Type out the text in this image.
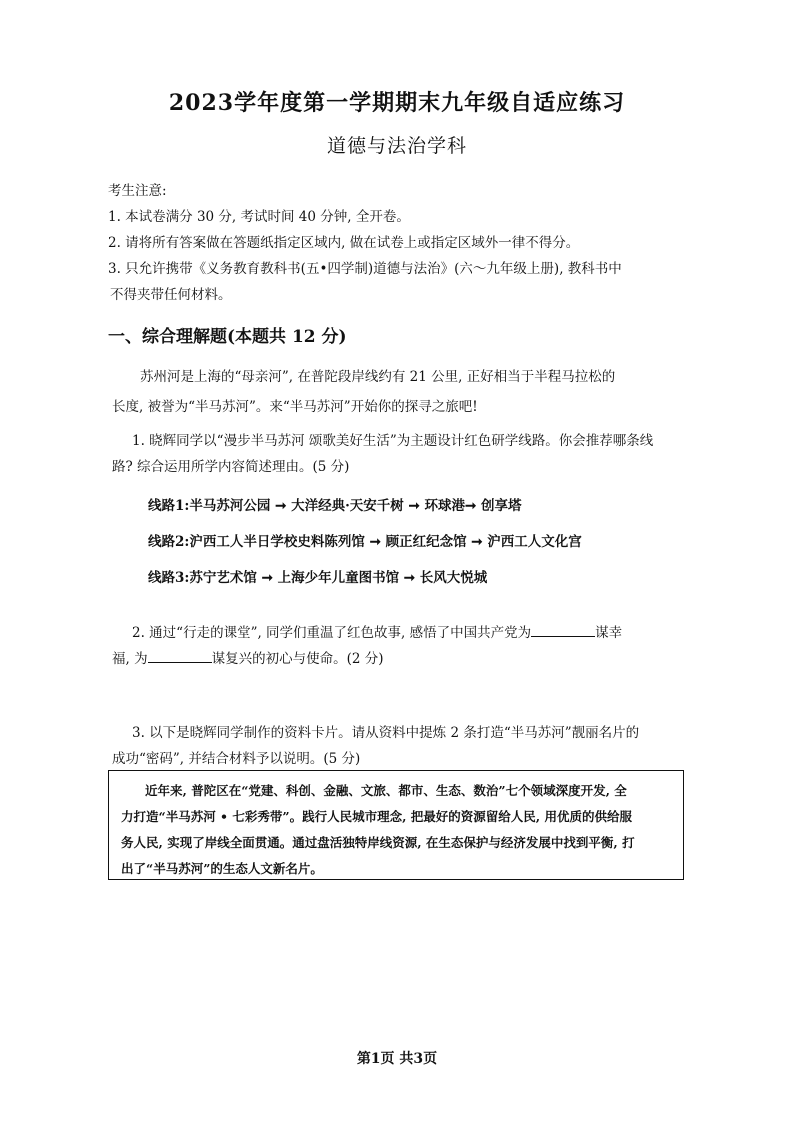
2023学年度第一学期期末九年级自适应练习
道德与法治学科
考生注意:
1. 本试卷满分 30 分, 考试时间 40 分钟, 全开卷。
2. 请将所有答案做在答题纸指定区域内, 做在试卷上或指定区域外一律不得分。
3. 只允许携带《义务教育教科书(五•四学制)道德与法治》(六～九年级上册), 教科书中
不得夹带任何材料。
一、综合理解题(本题共 12 分)
苏州河是上海的“母亲河”, 在普陀段岸线约有 21 公里, 正好相当于半程马拉松的
长度, 被誉为“半马苏河”。来“半马苏河”开始你的探寻之旅吧!
1. 晓辉同学以“漫步半马苏河 颂歌美好生活”为主题设计红色研学线路。你会推荐哪条线
路? 综合运用所学内容简述理由。(5 分)
线路1:半马苏河公园 ➞ 大洋经典·天安千树 ➞ 环球港➞ 创享塔
线路2:沪西工人半日学校史料陈列馆 ➞ 顾正红纪念馆 ➞ 沪西工人文化宫
线路3:苏宁艺术馆 ➞ 上海少年儿童图书馆 ➞ 长风大悦城
2. 通过“行走的课堂”, 同学们重温了红色故事, 感悟了中国共产党为	谋幸
福, 为	谋复兴的初心与使命。(2 分)
3. 以下是晓辉同学制作的资料卡片。请从资料中提炼 2 条打造“半马苏河”靓丽名片的
成功“密码”, 并结合材料予以说明。(5 分)
近年来, 普陀区在“党建、科创、金融、文旅、都市、生态、数治”七个领域深度开发, 全
力打造“半马苏河 • 七彩秀带”。践行人民城市理念, 把最好的资源留给人民, 用优质的供给服
务人民, 实现了岸线全面贯通。通过盘活独特岸线资源, 在生态保护与经济发展中找到平衡, 打
出了“半马苏河”的生态人文新名片。
第1页 共3页
